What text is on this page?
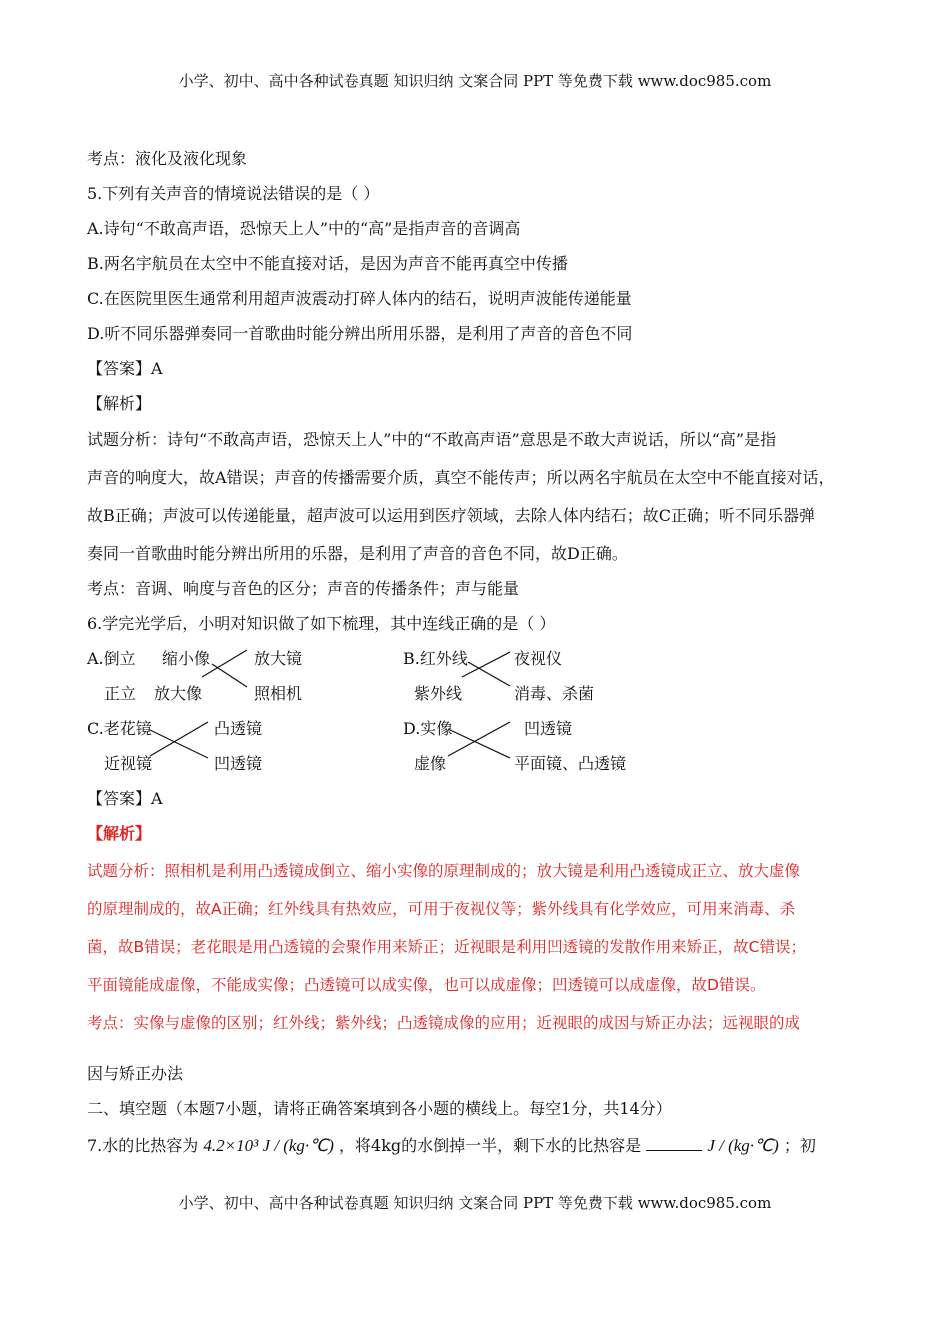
小学、初中、高中各种试卷真题 知识归纳 文案合同 PPT 等免费下载 www.doc985.com
小学、初中、高中各种试卷真题 知识归纳 文案合同 PPT 等免费下载 www.doc985.com
考点：液化及液化现象
5.下列有关声音的情境说法错误的是（ ）
A.诗句“不敢高声语，恐惊天上人”中的“高”是指声音的音调高
B.两名宇航员在太空中不能直接对话，是因为声音不能再真空中传播
C.在医院里医生通常利用超声波震动打碎人体内的结石，说明声波能传递能量
D.听不同乐器弹奏同一首歌曲时能分辨出所用乐器，是利用了声音的音色不同
【答案】A
【解析】
试题分析：诗句“不敢高声语，恐惊天上人”中的“不敢高声语”意思是不敢大声说话，所以“高”是指
声音的响度大，故A错误；声音的传播需要介质，真空不能传声；所以两名宇航员在太空中不能直接对话，
故B正确；声波可以传递能量，超声波可以运用到医疗领域，去除人体内结石；故C正确；听不同乐器弹
奏同一首歌曲时能分辨出所用的乐器，是利用了声音的音色不同，故D正确。
考点：音调、响度与音色的区分；声音的传播条件；声与能量
6.学完光学后，小明对知识做了如下梳理，其中连线正确的是（ ）
A.倒立 缩小像	放大镜
正立 放大像	照相机
B.红外线	夜视仪
紫外线	消毒、杀菌
C.老花镜	凸透镜
近视镜	凹透镜
D.实像	凹透镜
虚像	平面镜、凸透镜
【答案】A
【解析】
试题分析：照相机是利用凸透镜成倒立、缩小实像的原理制成的；放大镜是利用凸透镜成正立、放大虚像
的原理制成的，故A正确；红外线具有热效应，可用于夜视仪等；紫外线具有化学效应，可用来消毒、杀
菌，故B错误；老花眼是用凸透镜的会聚作用来矫正；近视眼是利用凹透镜的发散作用来矫正，故C错误；
平面镜能成虚像，不能成实像；凸透镜可以成实像，也可以成虚像；凹透镜可以成虚像，故D错误。
考点：实像与虚像的区别；红外线；紫外线；凸透镜成像的应用；近视眼的成因与矫正办法；远视眼的成
因与矫正办法
二、填空题（本题7小题，请将正确答案填到各小题的横线上。每空1分，共14分）
7.水的比热容为 4.2×10³ J / (kg·℃) ，将4kg的水倒掉一半，剩下水的比热容是	J / (kg·℃) ；初
